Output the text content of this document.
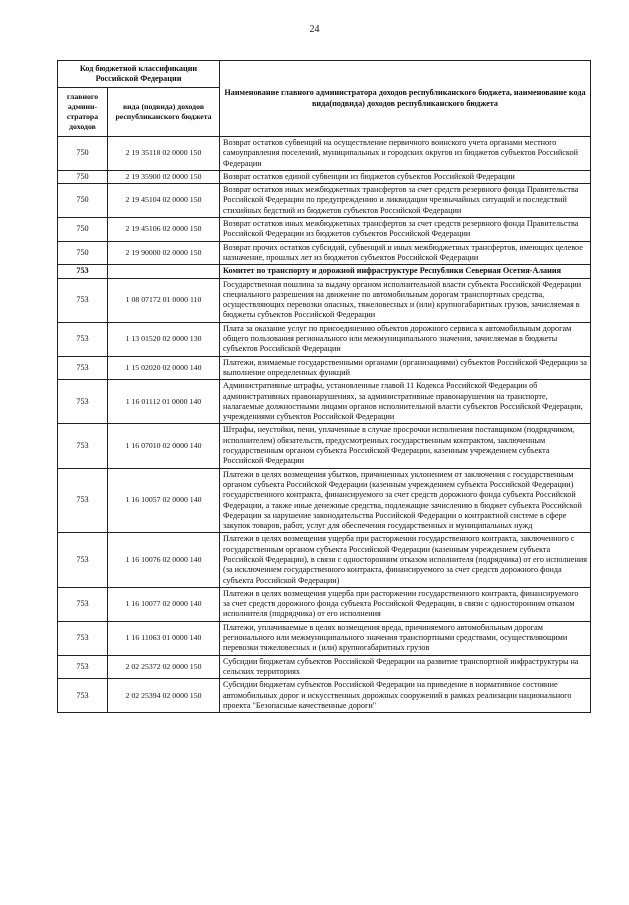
24
Код бюджетной классификации Российской Федерации		Наименование главного администратора доходов республиканского бюджета, наименование кода вида(подвида) доходов республиканского бюджета
главного админи-стратора доходов	вида (подвида) доходов республиканского бюджета	
750	2 19 35118 02 0000 150	Возврат остатков субвенций на осуществление первичного воинского учета органами местного самоуправления поселений, муниципальных и городских округов из бюджетов субъектов Российской Федерации
750	2 19 35900 02 0000 150	Возврат остатков единой субвенции из бюджетов субъектов Российской Федерации
750	2 19 45104 02 0000 150	Возврат остатков иных межбюджетных трансфертов за счет средств резервного фонда Правительства Российской Федерации по предупреждению и ликвидации чрезвычайных ситуаций и последствий стихийных бедствий из бюджетов субъектов Российской Федерации
750	2 19 45106 02 0000 150	Возврат остатков иных межбюджетных трансфертов за счет средств резервного фонда Правительства Российской Федерации из бюджетов субъектов Российской Федерации
750	2 19 90000 02 0000 150	Возврат прочих остатков субсидий, субвенций и иных межбюджетных трансфертов, имеющих целевое назначение, прошлых лет из бюджетов субъектов Российской Федерации
753		Комитет по транспорту и дорожной инфраструктуре Республики Северная Осетия-Алания
753	1 08 07172 01 0000 110	Государственная пошлина за выдачу органом исполнительной власти субъекта Российской Федерации специального разрешения на движение по автомобильным дорогам транспортных средства, осуществляющих перевозки опасных, тяжеловесных и (или) крупногабаритных грузов, зачисляемая в бюджеты субъектов Российской Федерации
753	1 13 01520 02 0000 130	Плата за оказание услуг по присоединению объектов дорожного сервиса к автомобильным дорогам общего пользования регионального или межмуниципального значения, зачисляемая в бюджеты субъектов Российской Федерации
753	1 15 02020 02 0000 140	Платежи, взимаемые государственными органами (организациями) субъектов Российской Федерации за выполнение определенных функций
753	1 16 01112 01 0000 140	Административные штрафы, установленные главой 11 Кодекса Российской Федерации об административных правонарушениях, за административные правонарушения на транспорте, налагаемые должностными лицами органов исполнительной власти субъектов Российской Федерации, учреждениями субъектов Российской Федерации
753	1 16 07010 02 0000 140	Штрафы, неустойки, пени, уплаченные в случае просрочки исполнения поставщиком (подрядчиком, исполнителем) обязательств, предусмотренных государственным контрактом, заключенным государственным органом субъекта Российской Федерации, казенным учреждением субъекта Российской Федерации
753	1 16 10057 02 0000 140	Платежи в целях возмещения убытков, причиненных уклонением от заключения с государственным органом субъекта Российской Федерации (казенным учреждением субъекта Российской Федерации) государственного контракта, финансируемого за счет средств дорожного фонда субъекта Российской Федерации, а также иные денежные средства, подлежащие зачислению в бюджет субъекта Российской Федерации за нарушение законодательства Российской Федерации о контрактной системе в сфере закупок товаров, работ, услуг для обеспечения государственных и муниципальных нужд
753	1 16 10076 02 0000 140	Платежи в целях возмещения ущерба при расторжении государственного контракта, заключенного с государственным органом субъекта Российской Федерации (казенным учреждением субъекта Российской Федерации), в связи с односторонним отказом исполнителя (подрядчика) от его исполнения (за исключением государственного контракта, финансируемого за счет средств дорожного фонда субъекта Российской Федерации)
753	1 16 10077 02 0000 140	Платежи в целях возмещения ущерба при расторжении государственного контракта, финансируемого за счет средств дорожного фонда субъекта Российской Федерации, в связи с односторонним отказом исполнителя (подрядчика) от его исполнения
753	1 16 11063 01 0000 140	Платежи, уплачиваемые в целях возмещения вреда, причиняемого автомобильным дорогам регионального или межмуниципального значения транспортными средствами, осуществляющими перевозки тяжеловесных и (или) крупногабаритных грузов
753	2 02 25372 02 0000 150	Субсидии бюджетам субъектов Российской Федерации на развитие транспортной инфраструктуры на сельских территориях
753	2 02 25394 02 0000 150	Субсидии бюджетам субъектов Российской Федерации на приведение в нормативное состояние автомобильных дорог и искусственных дорожных сооружений в рамках реализации национального проекта "Безопасные качественные дороги"
